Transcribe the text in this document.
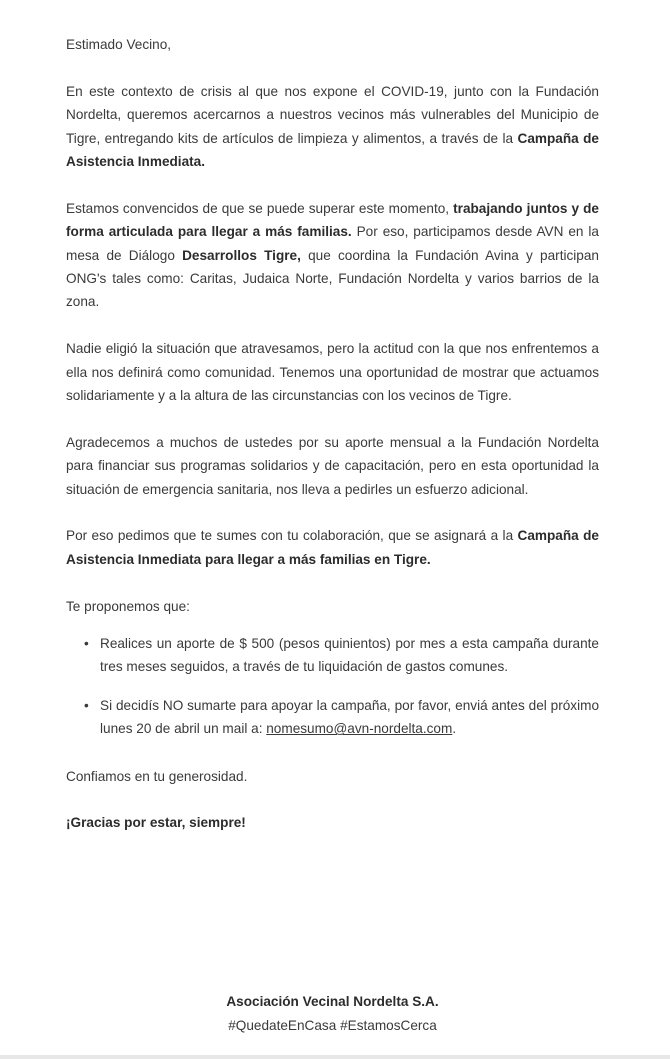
Estimado Vecino,

En este contexto de crisis al que nos expone el COVID-19, junto con la Fundación Nordelta, queremos acercarnos a nuestros vecinos más vulnerables del Municipio de Tigre, entregando kits de artículos de limpieza y alimentos, a través de la Campaña de Asistencia Inmediata.

Estamos convencidos de que se puede superar este momento, trabajando juntos y de forma articulada para llegar a más familias. Por eso, participamos desde AVN en la mesa de Diálogo Desarrollos Tigre, que coordina la Fundación Avina y participan ONG's tales como: Caritas, Judaica Norte, Fundación Nordelta y varios barrios de la zona.

Nadie eligió la situación que atravesamos, pero la actitud con la que nos enfrentemos a ella nos definirá como comunidad. Tenemos una oportunidad de mostrar que actuamos solidariamente y a la altura de las circunstancias con los vecinos de Tigre.

Agradecemos a muchos de ustedes por su aporte mensual a la Fundación Nordelta para financiar sus programas solidarios y de capacitación, pero en esta oportunidad la situación de emergencia sanitaria, nos lleva a pedirles un esfuerzo adicional.

Por eso pedimos que te sumes con tu colaboración, que se asignará a la Campaña de Asistencia Inmediata para llegar a más familias en Tigre.

Te proponemos que:

• Realices un aporte de $ 500 (pesos quinientos) por mes a esta campaña durante tres meses seguidos, a través de tu liquidación de gastos comunes.
• Si decidís NO sumarte para apoyar la campaña, por favor, enviá antes del próximo lunes 20 de abril un mail a: nomesumo@avn-nordelta.com.

Confiamos en tu generosidad.

¡Gracias por estar, siempre!

Asociación Vecinal Nordelta S.A.
#QuedateEnCasa #EstamosCerca
